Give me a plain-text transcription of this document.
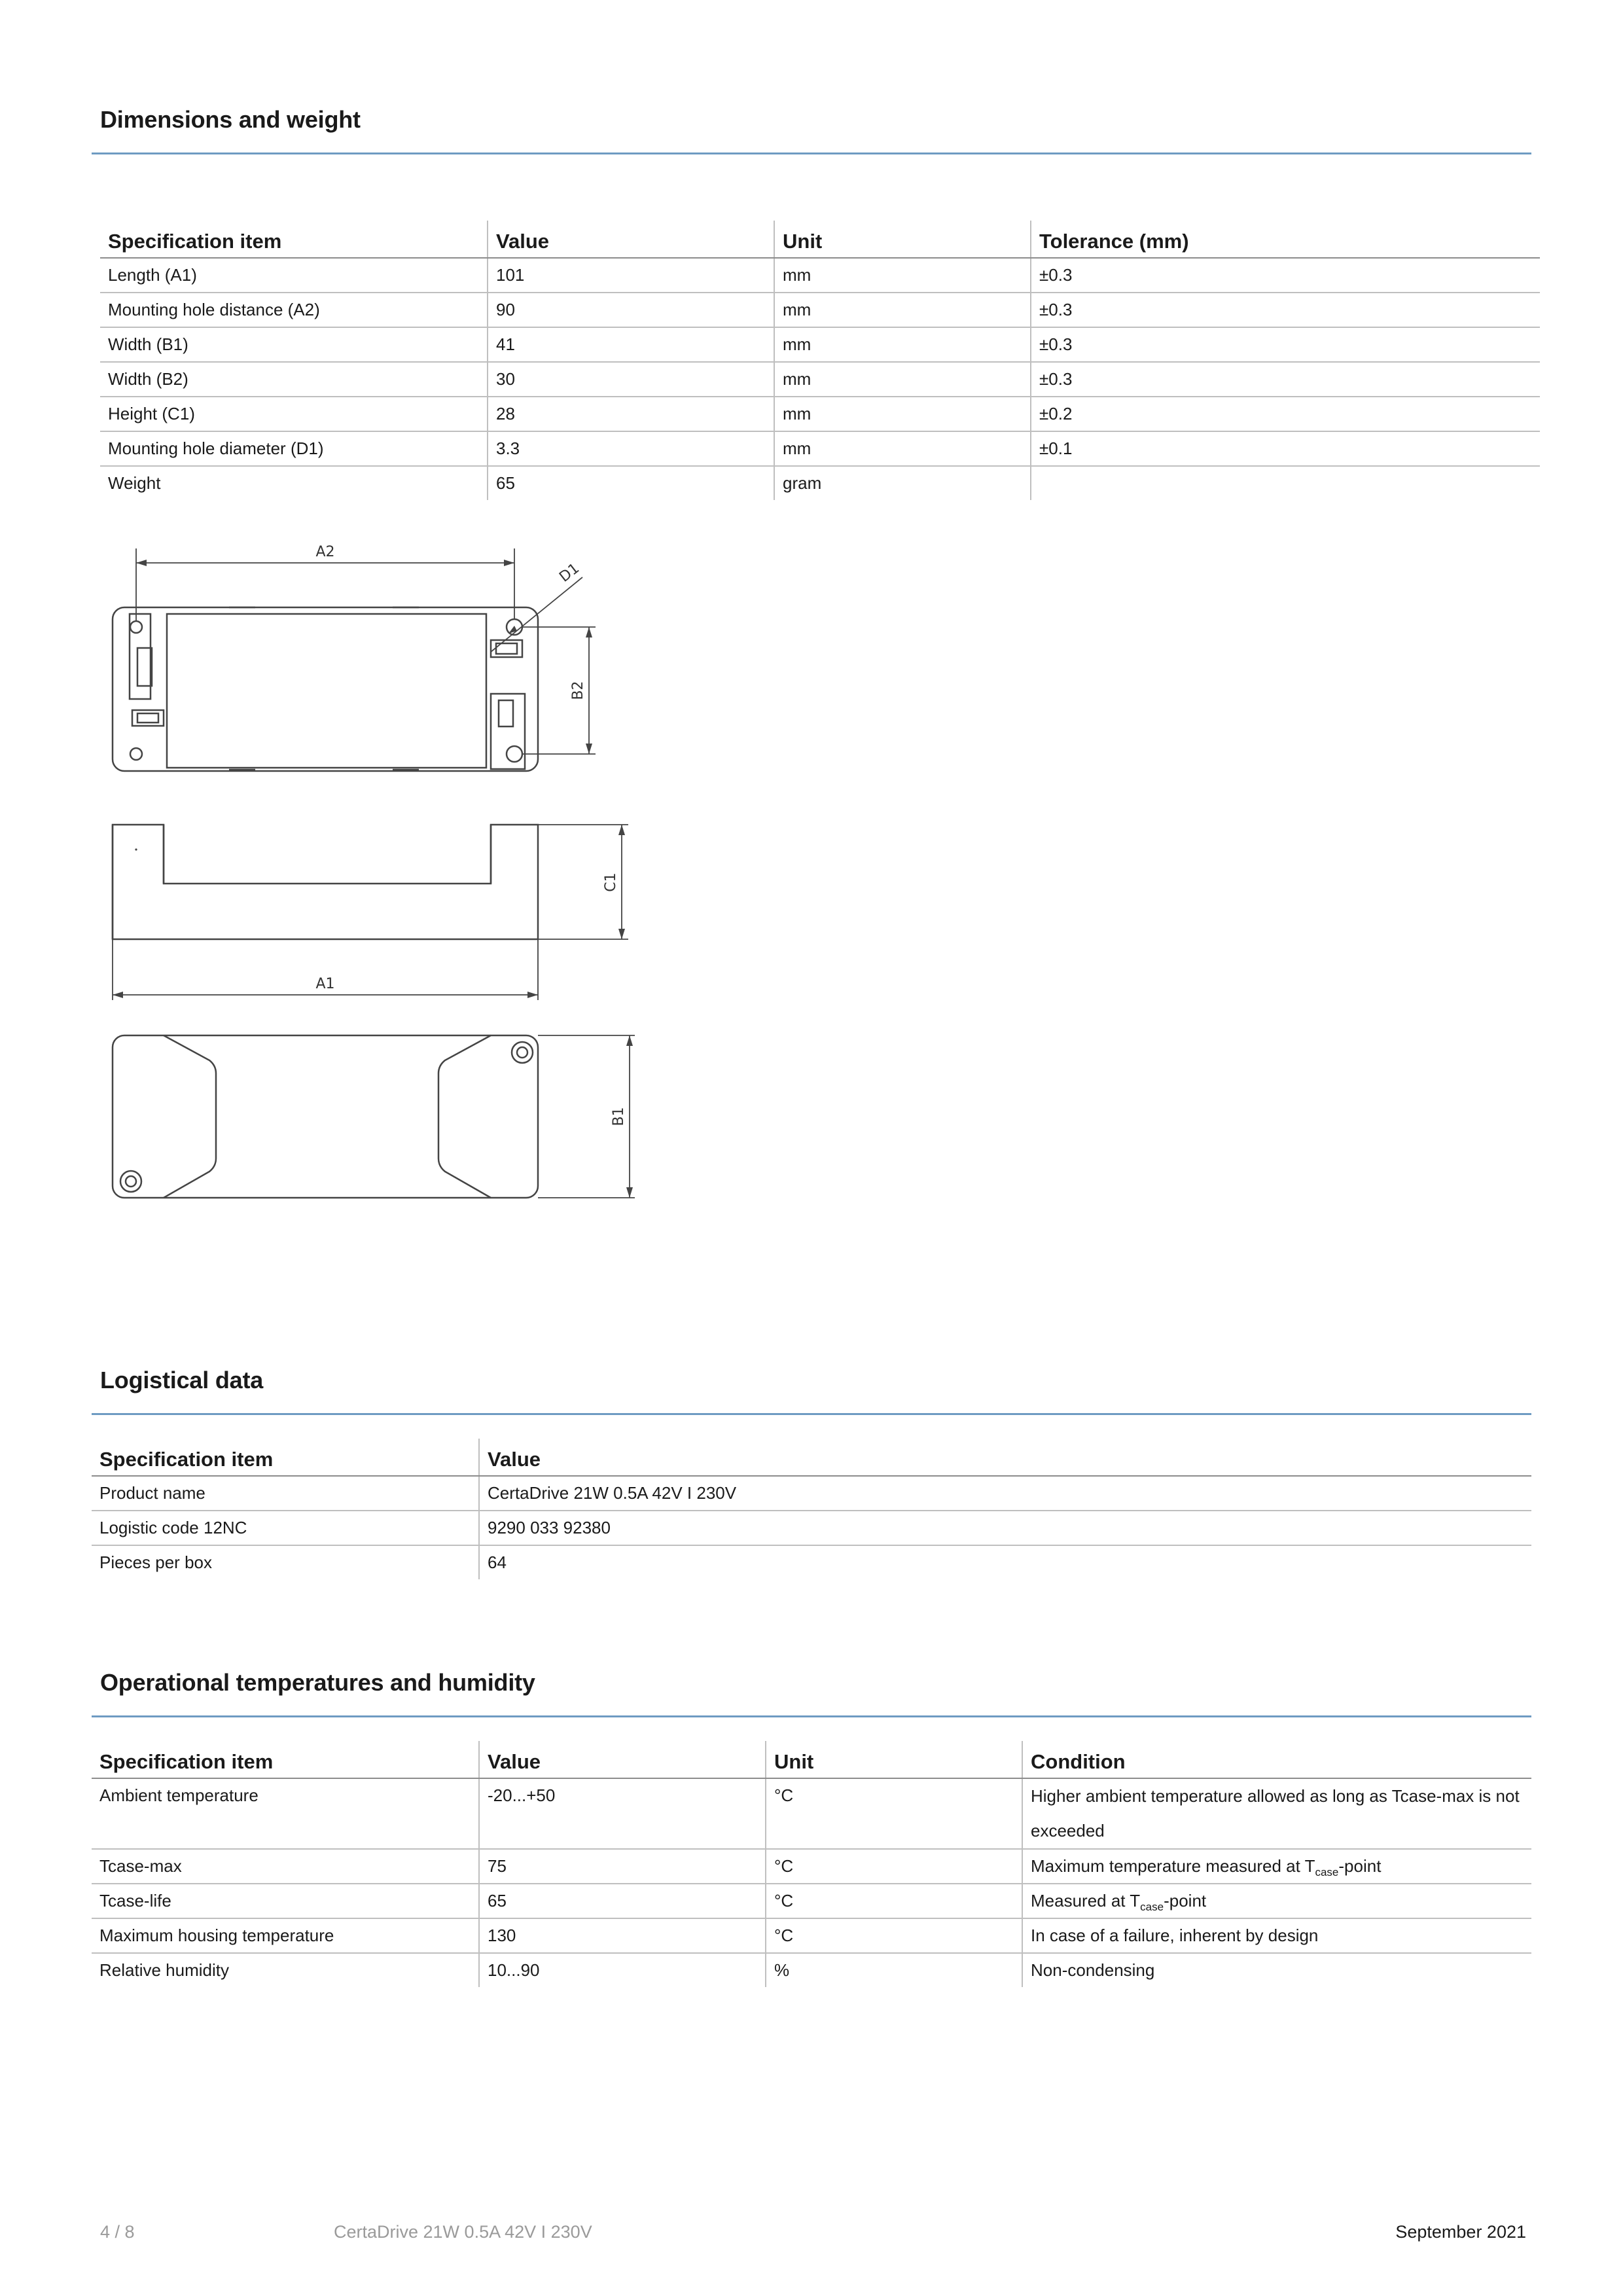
Dimensions and weight
Specification item	Value	Unit	Tolerance (mm)
Length (A1)	101	mm	±0.3
Mounting hole distance (A2)	90	mm	±0.3
Width (B1)	41	mm	±0.3
Width (B2)	30	mm	±0.3
Height (C1)	28	mm	±0.2
Mounting hole diameter (D1)	3.3	mm	±0.1
Weight	65	gram	
A2
D1
B2
C1
A1
B1
Logistical data
Specification item	Value
Product name	CertaDrive 21W 0.5A 42V I 230V
Logistic code 12NC	9290 033 92380
Pieces per box	64
Operational temperatures and humidity
Specification item	Value	Unit	Condition
Ambient temperature	-20...+50	°C	Higher ambient temperature allowed as long as Tcase-max is not exceeded
Tcase-max	75	°C	Maximum temperature measured at $T_{case}$-point
Tcase-life	65	°C	Measured at $T_{case}$-point
Maximum housing temperature	130	°C	In case of a failure, inherent by design
Relative humidity	10...90	%	Non-condensing
4 / 8	CertaDrive 21W 0.5A 42V I 230V	September 2021
